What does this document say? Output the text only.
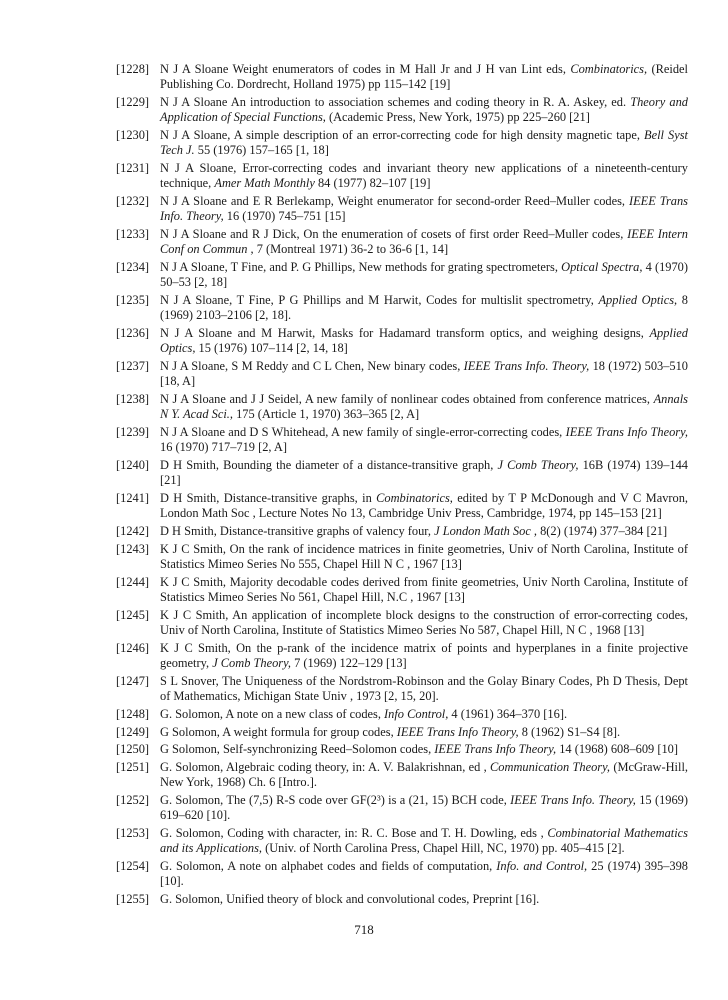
[1228] N J A Sloane Weight enumerators of codes in M Hall Jr and J H van Lint eds, Combinatorics, (Reidel Publishing Co. Dordrecht, Holland 1975) pp 115–142 [19]
[1229] N J A Sloane An introduction to association schemes and coding theory in R. A. Askey, ed. Theory and Application of Special Functions, (Academic Press, New York, 1975) pp 225–260 [21]
[1230] N J A Sloane, A simple description of an error-correcting code for high density magnetic tape, Bell Syst Tech J. 55 (1976) 157–165 [1, 18]
[1231] N J A Sloane, Error-correcting codes and invariant theory new applications of a nineteenth-century technique, Amer Math Monthly 84 (1977) 82–107 [19]
[1232] N J A Sloane and E R Berlekamp, Weight enumerator for second-order Reed–Muller codes, IEEE Trans Info. Theory, 16 (1970) 745–751 [15]
[1233] N J A Sloane and R J Dick, On the enumeration of cosets of first order Reed–Muller codes, IEEE Intern Conf on Commun , 7 (Montreal 1971) 36-2 to 36-6 [1, 14]
[1234] N J A Sloane, T Fine, and P. G Phillips, New methods for grating spectrometers, Optical Spectra, 4 (1970) 50–53 [2, 18]
[1235] N J A Sloane, T Fine, P G Phillips and M Harwit, Codes for multislit spectrometry, Applied Optics, 8 (1969) 2103–2106 [2, 18].
[1236] N J A Sloane and M Harwit, Masks for Hadamard transform optics, and weighing designs, Applied Optics, 15 (1976) 107–114 [2, 14, 18]
[1237] N J A Sloane, S M Reddy and C L Chen, New binary codes, IEEE Trans Info. Theory, 18 (1972) 503–510 [18, A]
[1238] N J A Sloane and J J Seidel, A new family of nonlinear codes obtained from conference matrices, Annals N Y. Acad Sci., 175 (Article 1, 1970) 363–365 [2, A]
[1239] N J A Sloane and D S Whitehead, A new family of single-error-correcting codes, IEEE Trans Info Theory, 16 (1970) 717–719 [2, A]
[1240] D H Smith, Bounding the diameter of a distance-transitive graph, J Comb Theory, 16B (1974) 139–144 [21]
[1241] D H Smith, Distance-transitive graphs, in Combinatorics, edited by T P McDonough and V C Mavron, London Math Soc , Lecture Notes No 13, Cambridge Univ Press, Cambridge, 1974, pp 145–153 [21]
[1242] D H Smith, Distance-transitive graphs of valency four, J London Math Soc , 8(2) (1974) 377–384 [21]
[1243] K J C Smith, On the rank of incidence matrices in finite geometries, Univ of North Carolina, Institute of Statistics Mimeo Series No 555, Chapel Hill N C , 1967 [13]
[1244] K J C Smith, Majority decodable codes derived from finite geometries, Univ North Carolina, Institute of Statistics Mimeo Series No 561, Chapel Hill, N.C , 1967 [13]
[1245] K J C Smith, An application of incomplete block designs to the construction of error-correcting codes, Univ of North Carolina, Institute of Statistics Mimeo Series No 587, Chapel Hill, N C , 1968 [13]
[1246] K J C Smith, On the p-rank of the incidence matrix of points and hyperplanes in a finite projective geometry, J Comb Theory, 7 (1969) 122–129 [13]
[1247] S L Snover, The Uniqueness of the Nordstrom-Robinson and the Golay Binary Codes, Ph D Thesis, Dept of Mathematics, Michigan State Univ , 1973 [2, 15, 20].
[1248] G. Solomon, A note on a new class of codes, Info Control, 4 (1961) 364–370 [16].
[1249] G Solomon, A weight formula for group codes, IEEE Trans Info Theory, 8 (1962) S1–S4 [8].
[1250] G Solomon, Self-synchronizing Reed–Solomon codes, IEEE Trans Info Theory, 14 (1968) 608–609 [10]
[1251] G. Solomon, Algebraic coding theory, in: A. V. Balakrishnan, ed , Communication Theory, (McGraw-Hill, New York, 1968) Ch. 6 [Intro.].
[1252] G. Solomon, The (7,5) R-S code over GF(2³) is a (21, 15) BCH code, IEEE Trans Info. Theory, 15 (1969) 619–620 [10].
[1253] G. Solomon, Coding with character, in: R. C. Bose and T. H. Dowling, eds , Combinatorial Mathematics and its Applications, (Univ. of North Carolina Press, Chapel Hill, NC, 1970) pp. 405–415 [2].
[1254] G. Solomon, A note on alphabet codes and fields of computation, Info. and Control, 25 (1974) 395–398 [10].
[1255] G. Solomon, Unified theory of block and convolutional codes, Preprint [16].
718
